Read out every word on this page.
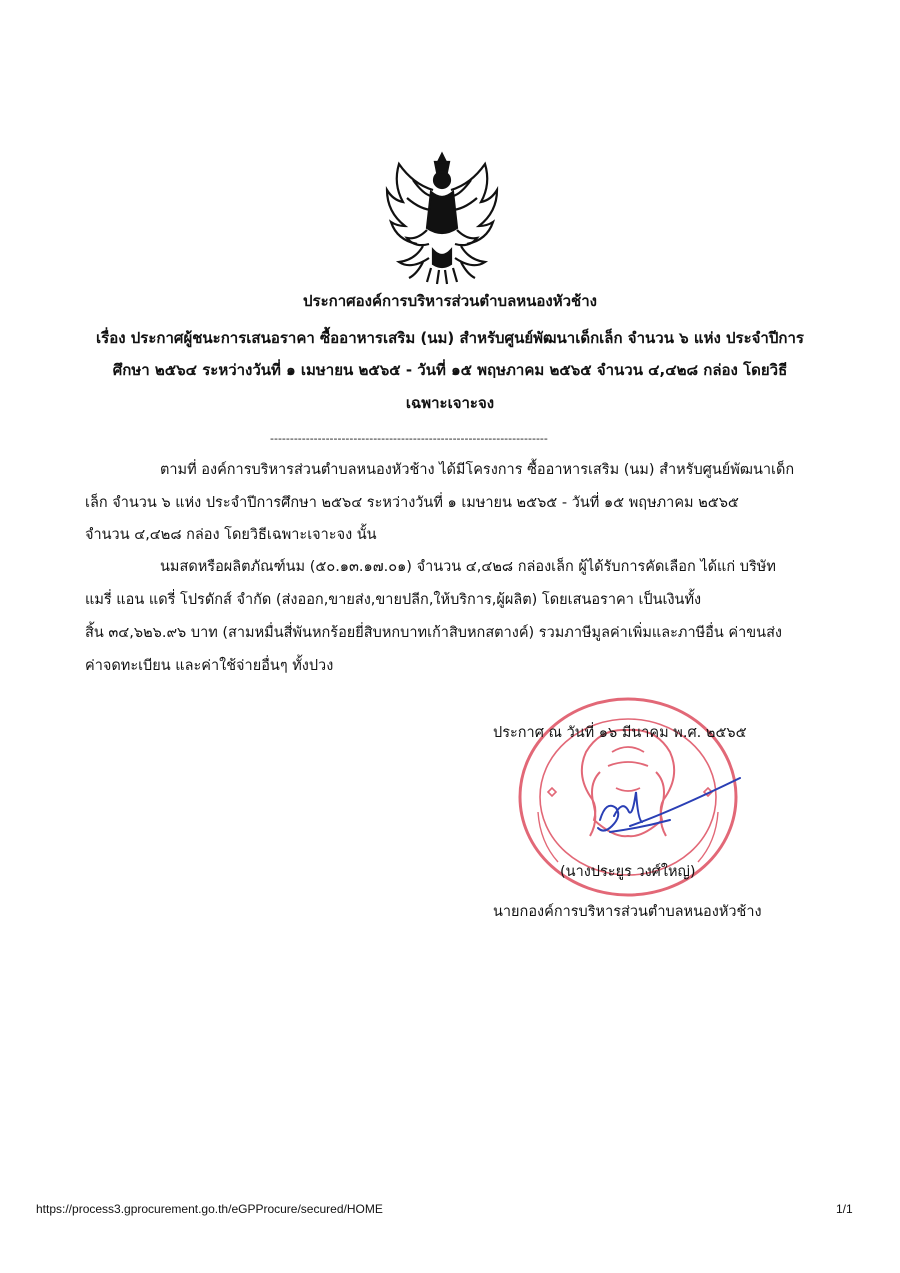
ประกาศองค์การบริหารส่วนตำบลหนองหัวช้าง
เรื่อง ประกาศผู้ชนะการเสนอราคา ซื้ออาหารเสริม (นม) สำหรับศูนย์พัฒนาเด็กเล็ก จำนวน ๖ แห่ง ประจำปีการ
ศึกษา ๒๕๖๔ ระหว่างวันที่ ๑ เมษายน ๒๕๖๕ - วันที่ ๑๕ พฤษภาคม ๒๕๖๕ จำนวน ๔,๔๒๘ กล่อง โดยวิธี
เฉพาะเจาะจง
----------------------------------------------------------------------
ตามที่ องค์การบริหารส่วนตำบลหนองหัวช้าง ได้มีโครงการ ซื้ออาหารเสริม (นม) สำหรับศูนย์พัฒนาเด็ก
เล็ก จำนวน ๖ แห่ง ประจำปีการศึกษา ๒๕๖๔ ระหว่างวันที่ ๑ เมษายน ๒๕๖๕ - วันที่ ๑๕ พฤษภาคม ๒๕๖๕
จำนวน ๔,๔๒๘ กล่อง โดยวิธีเฉพาะเจาะจง นั้น
นมสดหรือผลิตภัณฑ์นม (๕๐.๑๓.๑๗.๐๑) จำนวน ๔,๔๒๘ กล่องเล็ก ผู้ได้รับการคัดเลือก ได้แก่ บริษัท
แมรี่ แอน แดรี่ โปรดักส์ จำกัด (ส่งออก,ขายส่ง,ขายปลีก,ให้บริการ,ผู้ผลิต) โดยเสนอราคา เป็นเงินทั้ง
สิ้น ๓๔,๖๒๖.๙๖ บาท (สามหมื่นสี่พันหกร้อยยี่สิบหกบาทเก้าสิบหกสตางค์) รวมภาษีมูลค่าเพิ่มและภาษีอื่น ค่าขนส่ง
ค่าจดทะเบียน และค่าใช้จ่ายอื่นๆ ทั้งปวง
ประกาศ ณ วันที่ ๑๖ มีนาคม พ.ศ. ๒๕๖๕
(นางประยูร วงศ์ใหญ่)
นายกองค์การบริหารส่วนตำบลหนองหัวช้าง
https://process3.gprocurement.go.th/eGPProcure/secured/HOME	1/1
